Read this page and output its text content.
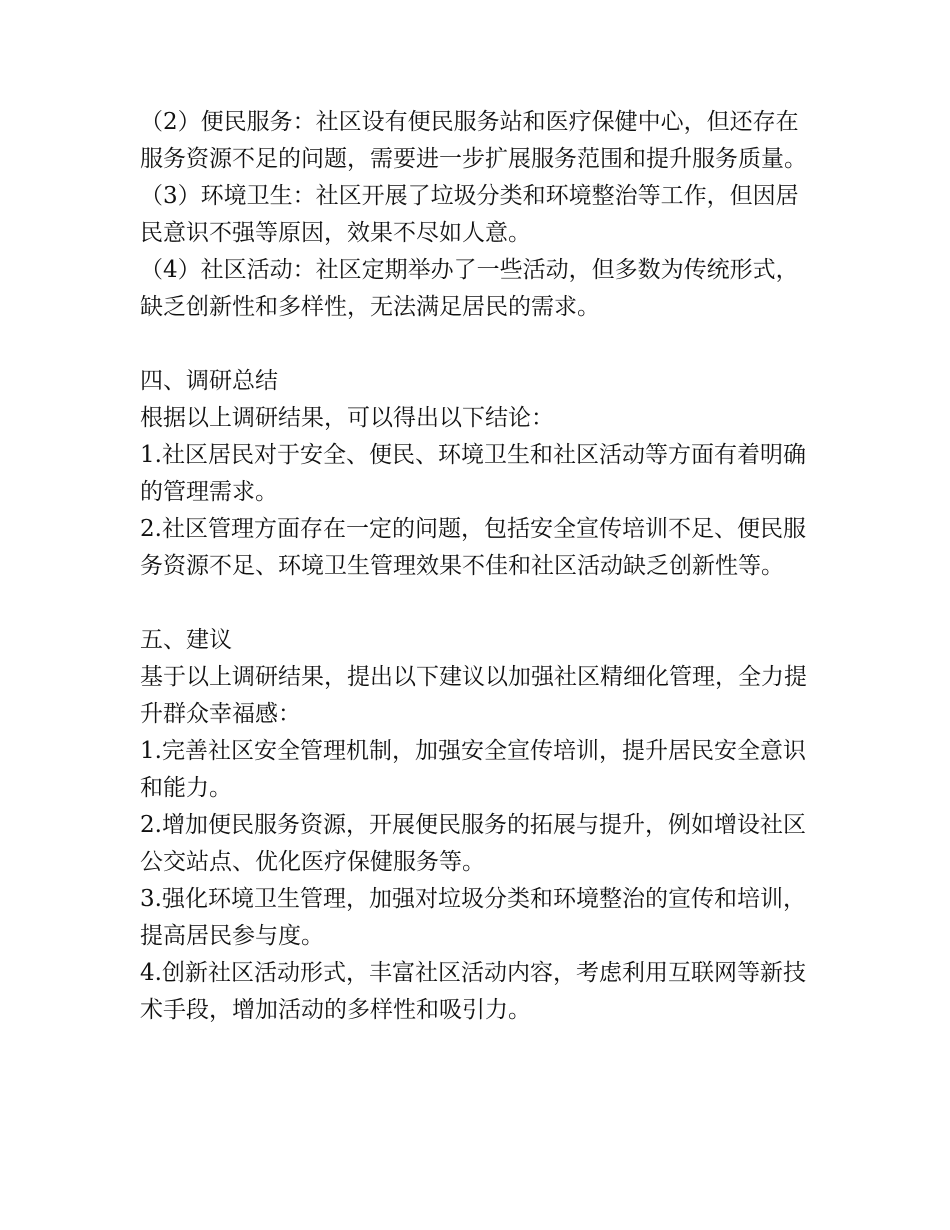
（2）便民服务：社区设有便民服务站和医疗保健中心，但还存在服务资源不足的问题，需要进一步扩展服务范围和提升服务质量。

（3）环境卫生：社区开展了垃圾分类和环境整治等工作，但因居民意识不强等原因，效果不尽如人意。

（4）社区活动：社区定期举办了一些活动，但多数为传统形式，缺乏创新性和多样性，无法满足居民的需求。

四、调研总结

根据以上调研结果，可以得出以下结论：

1.社区居民对于安全、便民、环境卫生和社区活动等方面有着明确的管理需求。

2.社区管理方面存在一定的问题，包括安全宣传培训不足、便民服务资源不足、环境卫生管理效果不佳和社区活动缺乏创新性等。

五、建议

基于以上调研结果，提出以下建议以加强社区精细化管理，全力提升群众幸福感：

1.完善社区安全管理机制，加强安全宣传培训，提升居民安全意识和能力。

2.增加便民服务资源，开展便民服务的拓展与提升，例如增设社区公交站点、优化医疗保健服务等。

3.强化环境卫生管理，加强对垃圾分类和环境整治的宣传和培训，提高居民参与度。

4.创新社区活动形式，丰富社区活动内容，考虑利用互联网等新技术手段，增加活动的多样性和吸引力。
